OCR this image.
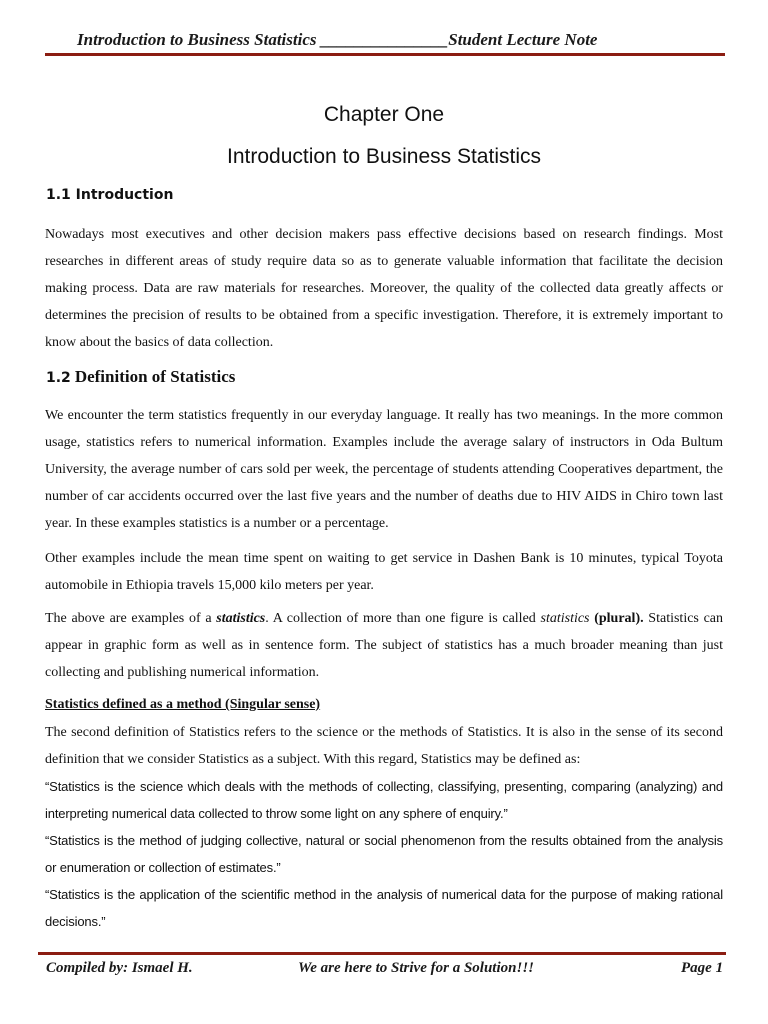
Introduction to Business Statistics _______________Student Lecture Note
Chapter One
Introduction to Business Statistics
1.1 Introduction
Nowadays most executives and other decision makers pass effective decisions based on research findings. Most researches in different areas of study require data so as to generate valuable information that facilitate the decision making process. Data are raw materials for researches. Moreover, the quality of the collected data greatly affects or determines the precision of results to be obtained from a specific investigation. Therefore, it is extremely important to know about the basics of data collection.
1.2 Definition of Statistics
We encounter the term statistics frequently in our everyday language. It really has two meanings. In the more common usage, statistics refers to numerical information. Examples include the average salary of instructors in Oda Bultum University, the average number of cars sold per week, the percentage of students attending Cooperatives department, the number of car accidents occurred over the last five years and the number of deaths due to HIV AIDS in Chiro town last year. In these examples statistics is a number or a percentage.
Other examples include the mean time spent on waiting to get service in Dashen Bank is 10 minutes, typical Toyota automobile in Ethiopia travels 15,000 kilo meters per year.
The above are examples of a statistics. A collection of more than one figure is called statistics (plural). Statistics can appear in graphic form as well as in sentence form. The subject of statistics has a much broader meaning than just collecting and publishing numerical information.
Statistics defined as a method (Singular sense)
The second definition of Statistics refers to the science or the methods of Statistics. It is also in the sense of its second definition that we consider Statistics as a subject. With this regard, Statistics may be defined as:
“Statistics is the science which deals with the methods of collecting, classifying, presenting, comparing (analyzing) and interpreting numerical data collected to throw some light on any sphere of enquiry.”
“Statistics is the method of judging collective, natural or social phenomenon from the results obtained from the analysis or enumeration or collection of estimates.”
“Statistics is the application of the scientific method in the analysis of numerical data for the purpose of making rational decisions.”
Compiled by: Ismael H.	We are here to Strive for a Solution!!!	Page 1
